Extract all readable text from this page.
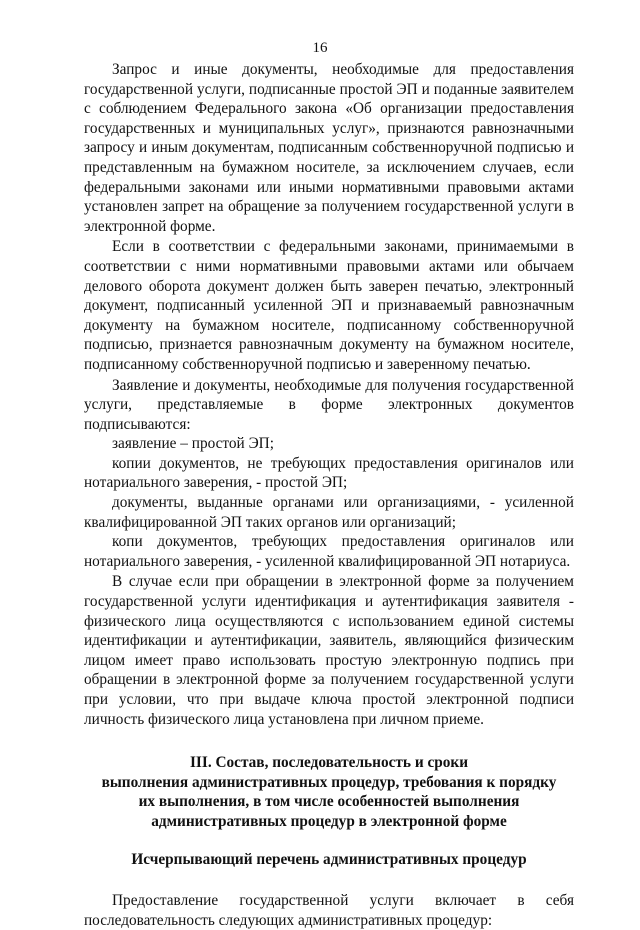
16

Запрос и иные документы, необходимые для предоставления государственной услуги, подписанные простой ЭП и поданные заявителем с соблюдением Федерального закона «Об организации предоставления государственных и муниципальных услуг», признаются равнозначными запросу и иным документам, подписанным собственноручной подписью и представленным на бумажном носителе, за исключением случаев, если федеральными законами или иными нормативными правовыми актами установлен запрет на обращение за получением государственной услуги в электронной форме.

Если в соответствии с федеральными законами, принимаемыми в соответствии с ними нормативными правовыми актами или обычаем делового оборота документ должен быть заверен печатью, электронный документ, подписанный усиленной ЭП и признаваемый равнозначным документу на бумажном носителе, подписанному собственноручной подписью, признается равнозначным документу на бумажном носителе, подписанному собственноручной подписью и заверенному печатью.

Заявление и документы, необходимые для получения государственной услуги, представляемые в форме электронных документов подписываются:

заявление – простой ЭП;

копии документов, не требующих предоставления оригиналов или нотариального заверения, - простой ЭП;

документы, выданные органами или организациями, - усиленной квалифицированной ЭП таких органов или организаций;

копи документов, требующих предоставления оригиналов или нотариального заверения, - усиленной квалифицированной ЭП нотариуса.

В случае если при обращении в электронной форме за получением государственной услуги идентификация и аутентификация заявителя - физического лица осуществляются с использованием единой системы идентификации и аутентификации, заявитель, являющийся физическим лицом имеет право использовать простую электронную подпись при обращении в электронной форме за получением государственной услуги при условии, что при выдаче ключа простой электронной подписи личность физического лица установлена при личном приеме.

III. Состав, последовательность и сроки
выполнения административных процедур, требования к порядку
их выполнения, в том числе особенностей выполнения
административных процедур в электронной форме

Исчерпывающий перечень административных процедур

Предоставление государственной услуги включает в себя последовательность следующих административных процедур:
